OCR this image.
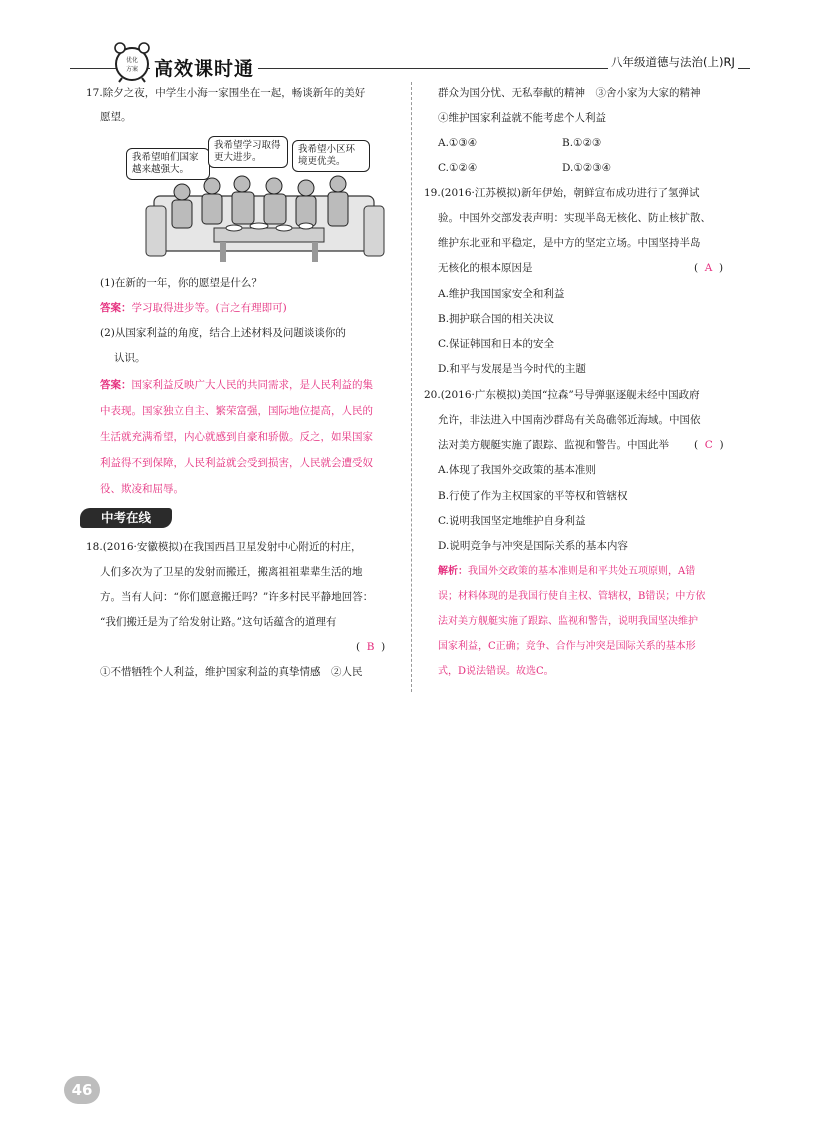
优化
方案 高效课时通	八年级道德与法治(上)RJ
17.除夕之夜，中学生小海一家围坐在一起，畅谈新年的美好
愿望。
我希望咱们国家越来越强大。
我希望学习取得更大进步。
我希望小区环境更优美。
(1)在新的一年，你的愿望是什么？
答案：学习取得进步等。(言之有理即可)
(2)从国家利益的角度，结合上述材料及问题谈谈你的
认识。
答案：国家利益反映广大人民的共同需求，是人民利益的集
中表现。国家独立自主、繁荣富强，国际地位提高，人民的
生活就充满希望，内心就感到自豪和骄傲。反之，如果国家
利益得不到保障，人民利益就会受到损害，人民就会遭受奴
役、欺凌和屈辱。
中考在线
18.(2016·安徽模拟)在我国西昌卫星发射中心附近的村庄，
人们多次为了卫星的发射而搬迁，搬离祖祖辈辈生活的地
方。当有人问：“你们愿意搬迁吗？”许多村民平静地回答：
“我们搬迁是为了给发射让路。”这句话蕴含的道理有
(  B  )
①不惜牺牲个人利益，维护国家利益的真挚情感　②人民
群众为国分忧、无私奉献的精神　③舍小家为大家的精神
④维护国家利益就不能考虑个人利益
A.①③④	B.①②③
C.①②④	D.①②③④
19.(2016·江苏模拟)新年伊始，朝鲜宣布成功进行了氢弹试
验。中国外交部发表声明：实现半岛无核化、防止核扩散、
维护东北亚和平稳定，是中方的坚定立场。中国坚持半岛
无核化的根本原因是	(  A  )
A.维护我国国家安全和利益
B.拥护联合国的相关决议
C.保证韩国和日本的安全
D.和平与发展是当今时代的主题
20.(2016·广东模拟)美国“拉森”号导弹驱逐舰未经中国政府
允许，非法进入中国南沙群岛有关岛礁邻近海域。中国依
法对美方舰艇实施了跟踪、监视和警告。中国此举 (  C  )
A.体现了我国外交政策的基本准则
B.行使了作为主权国家的平等权和管辖权
C.说明我国坚定地维护自身利益
D.说明竞争与冲突是国际关系的基本内容
解析：我国外交政策的基本准则是和平共处五项原则，A错
误；材料体现的是我国行使自主权、管辖权，B错误；中方依
法对美方舰艇实施了跟踪、监视和警告，说明我国坚决维护
国家利益，C正确；竞争、合作与冲突是国际关系的基本形
式，D说法错误。故选C。
46
